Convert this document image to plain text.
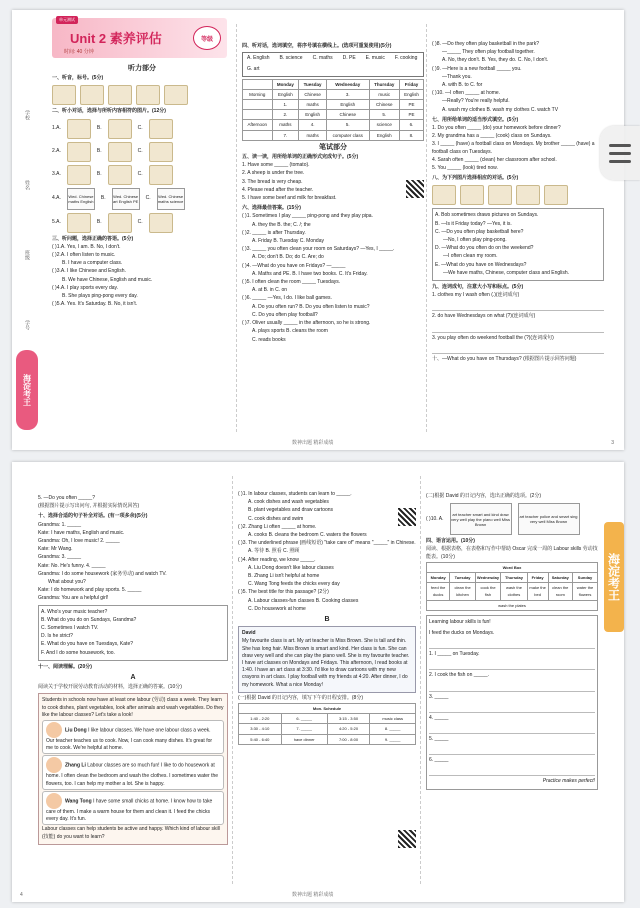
学校
姓名
班级
学号
海淀考王
单元测试
Unit 2 素养评估	等级
时间: 40 分钟
听力部分
一、听音，标号。(5分)
二、听小对话，选择与所听内容相符的图片。(12分)
1.A.	B.	C.
2.A.	B.	C.
3.A.	B.	C.
4.A.	Wed. Chinese maths English
B.	Wed. Chinese art English PE
C.	Wed. Chinese maths science
5.A.	B.	C.
三、听问题，选择正确的答语。(5分)
( )1.A. Yes, I am. B. No, I don't.
( )2.A. I often listen to music.
B. I have a computer class.
( )3.A. I like Chinese and English.
B. We have Chinese, English and music.
( )4.A. I play sports every day.
B. She plays ping-pong every day.
( )5.A. Yes. It's Saturday. B. No, it isn't.
四、听对话，选词填空，将序号填在横线上。(选项可重复使用)(5分)
A. English B. science C. maths D. PE E. music F. cooking
G. art
	Monday	Tuesday	Wednesday	Thursday	Friday
Morning	English	Chinese	3.	music	English
	1.	maths	English	Chinese	PE
	2.	English	Chinese	5.	PE
Afternoon	maths	4.	5.	science	6.
	7.	maths	computer class	English	8.
笔试部分
五、读一读，用所给单词的正确形式完成句子。(5分)
1. Have some _____ (tomato).
2. A sheep is under the tree.
3. The bread is very cheap.
4. Please read after the teacher.
5. I have some beef and milk for breakfast.
六、选择最佳答案。(15分)
( )1. Sometimes I play _____ ping-pong and they play pipa.
A. they the B. the; C. /; the
( )2. _____ is after Thursday.
A. Friday B. Tuesday C. Monday
( )3. _____ you often clean your room on Saturdays? —Yes, I _____.
A. Do; don't B. Do; do C. Are; do
( )4. —What do you have on Fridays? —_____
A. Maths and PE. B. I have two books. C. It's Friday.
( )5. I often clean the room _____ Tuesdays.
A. at B. in C. on
( )6. _____ —Yes, I do. I like ball games.
A. Do you often run? B. Do you often listen to music?
C. Do you often play football?
( )7. Oliver usually _____ in the afternoon, so he is strong.
A. plays sports B. cleans the room
C. reads books
( )8. —Do they often play basketball in the park?
—_____ They often play football together.
A. No, they don't. B. Yes, they do. C. No, I don't.
( )9. —Here is a new football _____ you.
—Thank you.
A. with B. to C. for
( )10. —I often _____ at home.
—Really? You're really helpful.
A. wash my clothes B. wash my clothes C. watch TV
七、用所给单词的适当形式填空。(5分)
1. Do you often _____ (do) your homework before dinner?
2. My grandma has a _____ (cook) class on Sundays.
3. I _____ (have) a football class on Mondays. My brother _____ (have) a football class on Tuesdays.
4. Sarah often _____ (clean) her classroom after school.
5. You _____ (look) tired now.
八、为下列图片选择相应的对话。(5分)
A. Bob sometimes draws pictures on Sundays.
B. —Is it Friday today? —Yes, it is.
C. —Do you often play basketball here?
—No, I often play ping-pong.
D. —What do you often do on the weekend?
—I often clean my room.
E. —What do you have on Wednesdays?
—We have maths, Chinese, computer class and English.
九、连词成句，注意大小写和标点。(5分)
1. clothes my I wash often (.)(连词成句)
2. do have Wednesdays on what (?)(连词成句)
3. you play often do weekend football the (?)(连词成句)
十、—What do you have on Thursdays? (根据图片提示回答问题)
数神出题 精彩成绩	3
5. —Do you often _____?
(根据图片提示写出问句, 并根据实际情况回答)
十、选择合适的句子补全对话。(有一项多余)(5分)
Grandma: 1. _____
Kate: I have maths, English and music.
Grandma: Oh, I love music! 2. _____
Kate: Mr Wang.
Grandma: 3. _____
Kate: No. He's funny. 4. _____
Grandma: I do some housework (家务劳动) and watch TV.
What about you?
Kate: I do homework and play sports. 5. _____
Grandma: You are a helpful girl!
A. Who's your music teacher?
B. What do you do on Sundays, Grandma?
C. Sometimes I watch TV.
D. Is he strict?
E. What do you have on Tuesdays, Kate?
F. And I do some housework, too.
十一、阅读理解。(20分)
A
阅读关于学校开展劳动教育活动的材料，选择正确的答案。(10分)
Students in schools now have at least one labour (劳动) class a week. They learn to cook dishes, plant vegetables, look after animals and wash vegetables. Do they like the labour classes? Let's take a look!
Liu Dong I like labour classes. We have one labour class a week. Our teacher teaches us to cook. Now, I can cook many dishes. It's great for me to cook. We're helpful at home.
Zhang Li Labour classes are so much fun! I like to do housework at home. I often clean the bedroom and wash the clothes. I sometimes water the flowers, too. I can help my mother a lot. She is happy.
Wang Tong I have some small chicks at home. I know how to take care of them. I make a warm house for them and clean it. I feed the chicks every day. It's fun.
Labour classes can help students be active and happy. Which kind of labour skill (技能) do you want to learn?
( )1. In labour classes, students can learn to _____.
A. cook dishes and wash vegetables
B. plant vegetables and draw cartoons
C. cook dishes and swim
( )2. Zhang Li often _____ at home.
A. cooks B. cleans the bedroom C. waters the flowers
( )3. The underlined phrase (画线短语) "take care of" means "_____" in Chinese.
A. 等待 B. 照看 C. 照顾
( )4. After reading, we know _____.
A. Liu Dong doesn't like labour classes
B. Zhang Li isn't helpful at home
C. Wang Tong feeds the chicks every day
( )5. The best title for this passage? (2分)
A. Labour classes-fun classes B. Cooking classes
C. Do housework at home
B
David
My favourite class is art. My art teacher is Miss Brown. She is tall and thin. She has long hair. Miss Brown is smart and kind. Her class is fun. She can draw very well and she can play the piano well. She is my favourite teacher. I have art classes on Mondays and Fridays. This afternoon, I read books at 1:40. I have an art class at 3:30. I'd like to draw cartoons with my new crayons in art class. I play football with my friends at 4:20. After dinner, I do my homework. What a nice Monday!
(一)根据 David 的日记内容，填写下午的日程安排。(8分)
Mon. Schedule			
1:40 - 2:20	6. _____	3:15 - 3:50	music class
3:30 - 4:10	7. _____	4:20 - 5:20	8. _____
5:40 - 6:40	have dinner	7:00 - 8:00	9. _____
(二)根据 David 的日记内容，选出正确的选项。(2分)
( )10. A.
art teacher smart and kind draw very well play the piano well Miss Brown
art teacher police and smart sing very well Miss Brown
四、语言运用。(10分)
阅读、根据表格，在表格和写作中帮助 Oscar 完成一周的 Labour skills 劳动技能表。(10分)
Word Box						
Monday	Tuesday	Wednesday	Thursday	Friday	Saturday	Sunday
feed the ducks	clean the kitchen	cook the fish	wash the clothes	make the bed	clean the room	water the flowers
wash the plates						
Learning labour skills is fun!
I feed the ducks on Mondays.
1. I _____ on Tuesday.
2. I cook the fish on _____.
3. _____
4. _____
5. _____
6. _____
Practice makes perfect!
海淀考王
数神出题 精彩成绩
4
